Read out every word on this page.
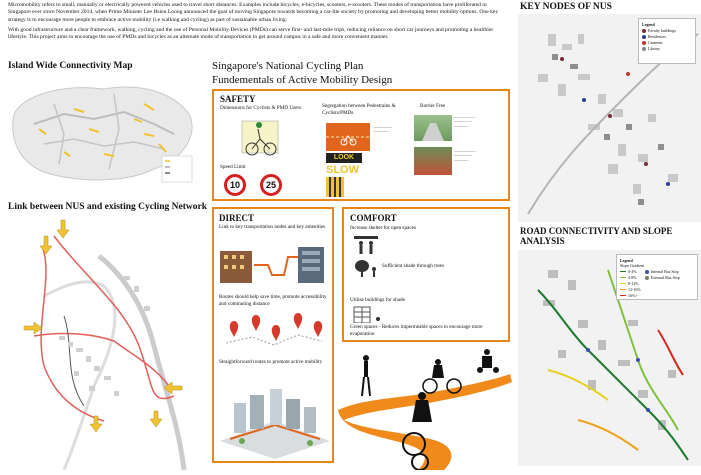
Micromobility refers to small, manually or electrically powered vehicles used to travel short distances. Examples include bicycles, e-bicycles, scooters, e-scooters. These modes of transportation have proliferated in Singapore ever since November 2014, when Prime Minister Lee Hsien Loong announced the goal of moving Singapore towards becoming a car-lite society by promoting and developing better mobility options. One key strategy is to encourage more people to embrace active mobility (i.e walking and cycling) as part of sustainable urban living.

With good infrastructure and a clear framework, walking, cycling and the use of Personal Mobility Devices (PMDs) can serve first- and last-mile trips, reducing reliance on short car journeys and promoting a healthier lifestyle. This project aims to encourage the use of PMDs and bicycles as an alternate mode of transportation to get around campus in a safe and more convenient manner.

Island Wide Connectivity Map
Link between NUS and existing Cycling Network
Singapore's National Cycling Plan
Fundementals of Active Mobility Design
SAFETY
Dimensions for Cyclists & PMD Users
Speed Limit
10	25
Segregation between Pedestrains & Cyclists/PMDs
—————
————
LOOK
SLOW
Barrier Free
——————
—————
————
——————
—————
————
DIRECT
Link to key transportation nodes and key amenities
Routes should help save time, promote accessibility and commuting distance
Straightforward routes to promote active mobility
COMFORT
Increase shelter for open spaces
Sufficient shade through trees
Utilise buildings for shade
Green spaces - Reduces impermeable spaces to encourage more evaporation
KEY NODES OF NUS
Legend
Faculty buildings
Residences
Canteens
Library
ROAD CONNECTIVITY AND SLOPE ANALYSIS
Legend
Slope Gradient
0-4%
4-8%
8-12%
12-16%
16%+
Internal Bus Stop
External Bus Stop
